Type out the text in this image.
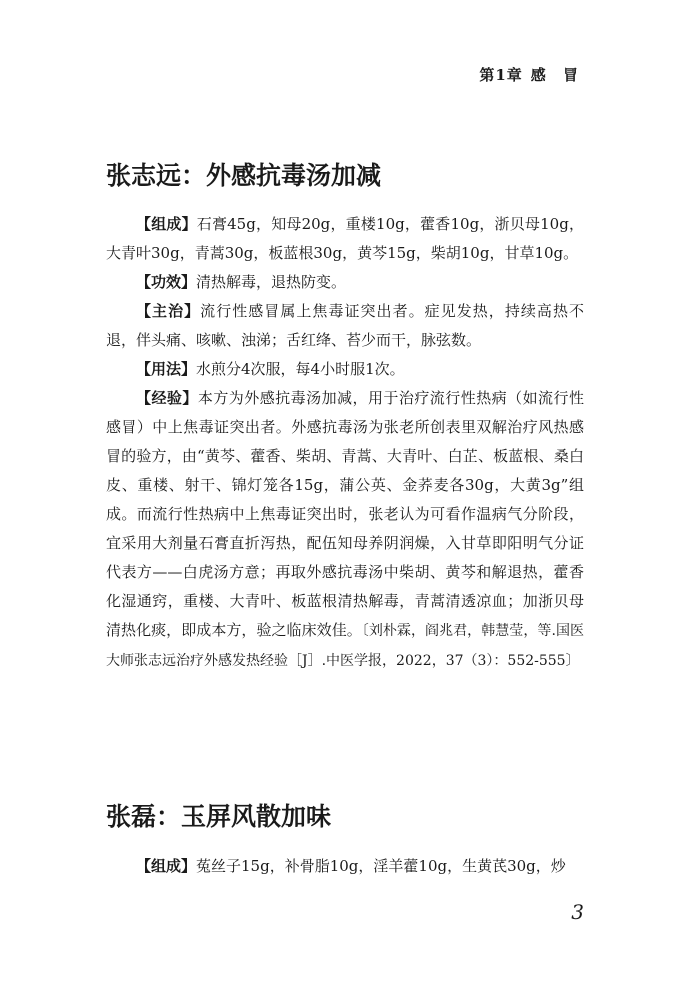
第1章 感 冒
张志远：外感抗毒汤加减

【组成】石膏45g，知母20g，重楼10g，藿香10g，浙贝母10g，大青叶30g，青蒿30g，板蓝根30g，黄芩15g，柴胡10g，甘草10g。

【功效】清热解毒，退热防变。

【主治】流行性感冒属上焦毒证突出者。症见发热，持续高热不退，伴头痛、咳嗽、浊涕；舌红绛、苔少而干，脉弦数。

【用法】水煎分4次服，每4小时服1次。

【经验】本方为外感抗毒汤加减，用于治疗流行性热病（如流行性感冒）中上焦毒证突出者。外感抗毒汤为张老所创表里双解治疗风热感冒的验方，由“黄芩、藿香、柴胡、青蒿、大青叶、白芷、板蓝根、桑白皮、重楼、射干、锦灯笼各15g，蒲公英、金荞麦各30g，大黄3g”组成。而流行性热病中上焦毒证突出时，张老认为可看作温病气分阶段，宜采用大剂量石膏直折泻热，配伍知母养阴润燥，入甘草即阳明气分证代表方——白虎汤方意；再取外感抗毒汤中柴胡、黄芩和解退热，藿香化湿通窍，重楼、大青叶、板蓝根清热解毒，青蒿清透凉血；加浙贝母清热化痰，即成本方，验之临床效佳。〔刘朴霖，阎兆君，韩慧莹，等.国医大师张志远治疗外感发热经验［J］.中医学报，2022，37（3）：552-555〕

张磊：玉屏风散加味

【组成】菟丝子15g，补骨脂10g，淫羊藿10g，生黄芪30g，炒

3
